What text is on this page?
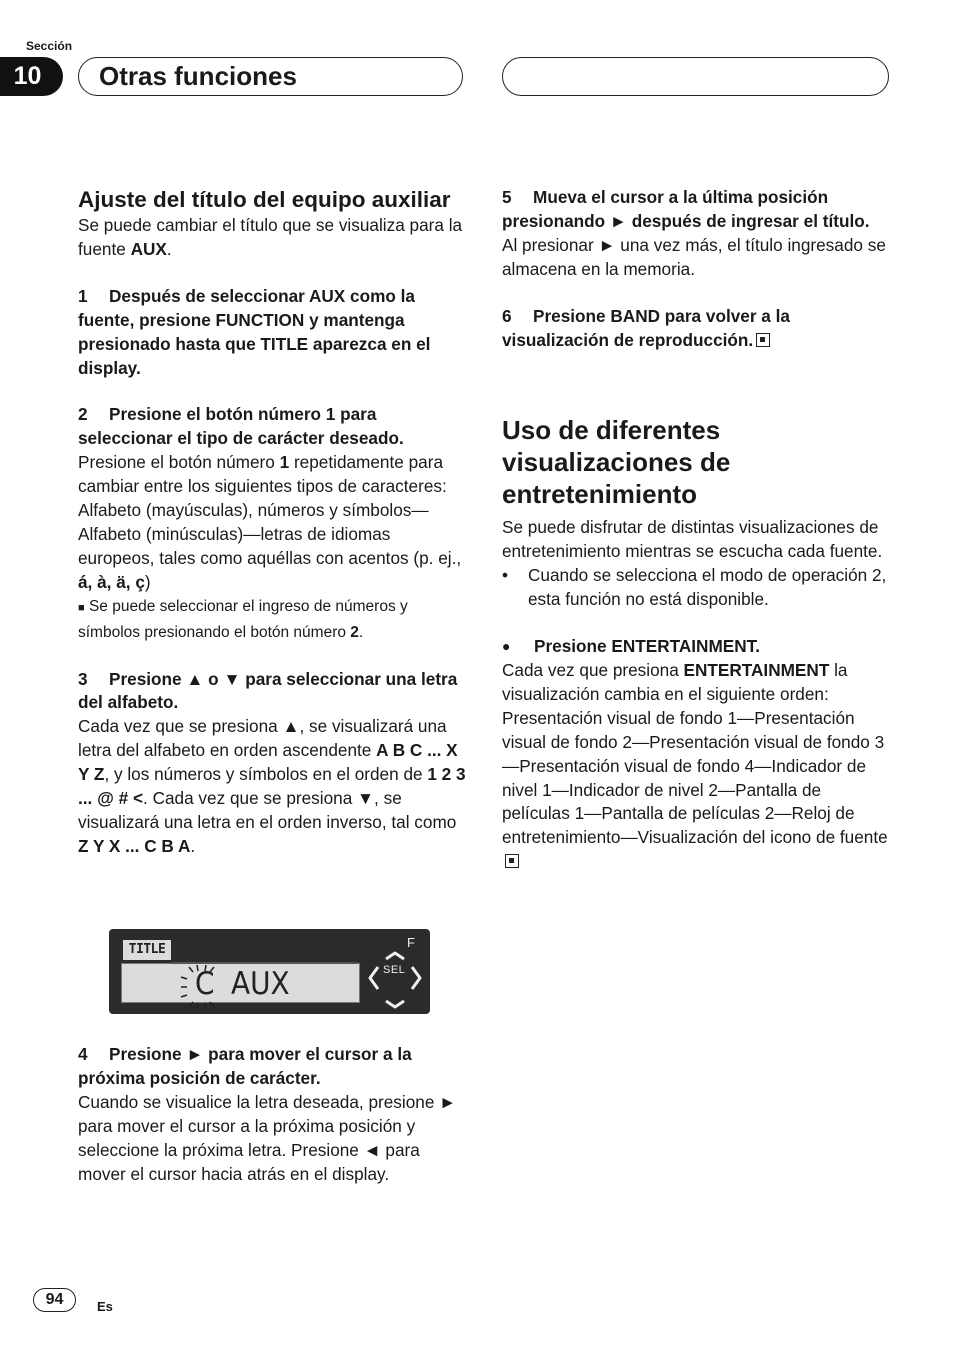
Sección
10	Otras funciones
Ajuste del título del equipo auxiliar

Se puede cambiar el título que se visualiza para la fuente AUX.

1 Después de seleccionar AUX como la fuente, presione FUNCTION y mantenga presionado hasta que TITLE aparezca en el display.

2 Presione el botón número 1 para seleccionar el tipo de carácter deseado.

Presione el botón número 1 repetidamente para cambiar entre los siguientes tipos de caracteres:

Alfabeto (mayúsculas), números y símbolos—Alfabeto (minúsculas)—letras de idiomas europeos, tales como aquéllas con acentos (p. ej., á, à, ä, ç)

■ Se puede seleccionar el ingreso de números y símbolos presionando el botón número 2.

3 Presione ▲ o ▼ para seleccionar una letra del alfabeto.

Cada vez que se presiona ▲, se visualizará una letra del alfabeto en orden ascendente A B C ... X Y Z, y los números y símbolos en el orden de 1 2 3 ... @ # <. Cada vez que se presiona ▼, se visualizará una letra en el orden inverso, tal como Z Y X ... C B A.

TITLE
C AUX
F
SEL

4 Presione ► para mover el cursor a la próxima posición de carácter.

Cuando se visualice la letra deseada, presione ► para mover el cursor a la próxima posición y seleccione la próxima letra. Presione ◄ para mover el cursor hacia atrás en el display.

5 Mueva el cursor a la última posición presionando ► después de ingresar el título.

Al presionar ► una vez más, el título ingresado se almacena en la memoria.

6 Presione BAND para volver a la visualización de reproducción.

Uso de diferentes visualizaciones de entretenimiento

Se puede disfrutar de distintas visualizaciones de entretenimiento mientras se escucha cada fuente.

•	Cuando se selecciona el modo de operación 2, esta función no está disponible.
●	Presione ENTERTAINMENT.

Cada vez que presiona ENTERTAINMENT la visualización cambia en el siguiente orden: Presentación visual de fondo 1—Presentación visual de fondo 2—Presentación visual de fondo 3—Presentación visual de fondo 4—Indicador de nivel 1—Indicador de nivel 2—Pantalla de películas 1—Pantalla de películas 2—Reloj de entretenimiento—Visualización del icono de fuente

94	Es
